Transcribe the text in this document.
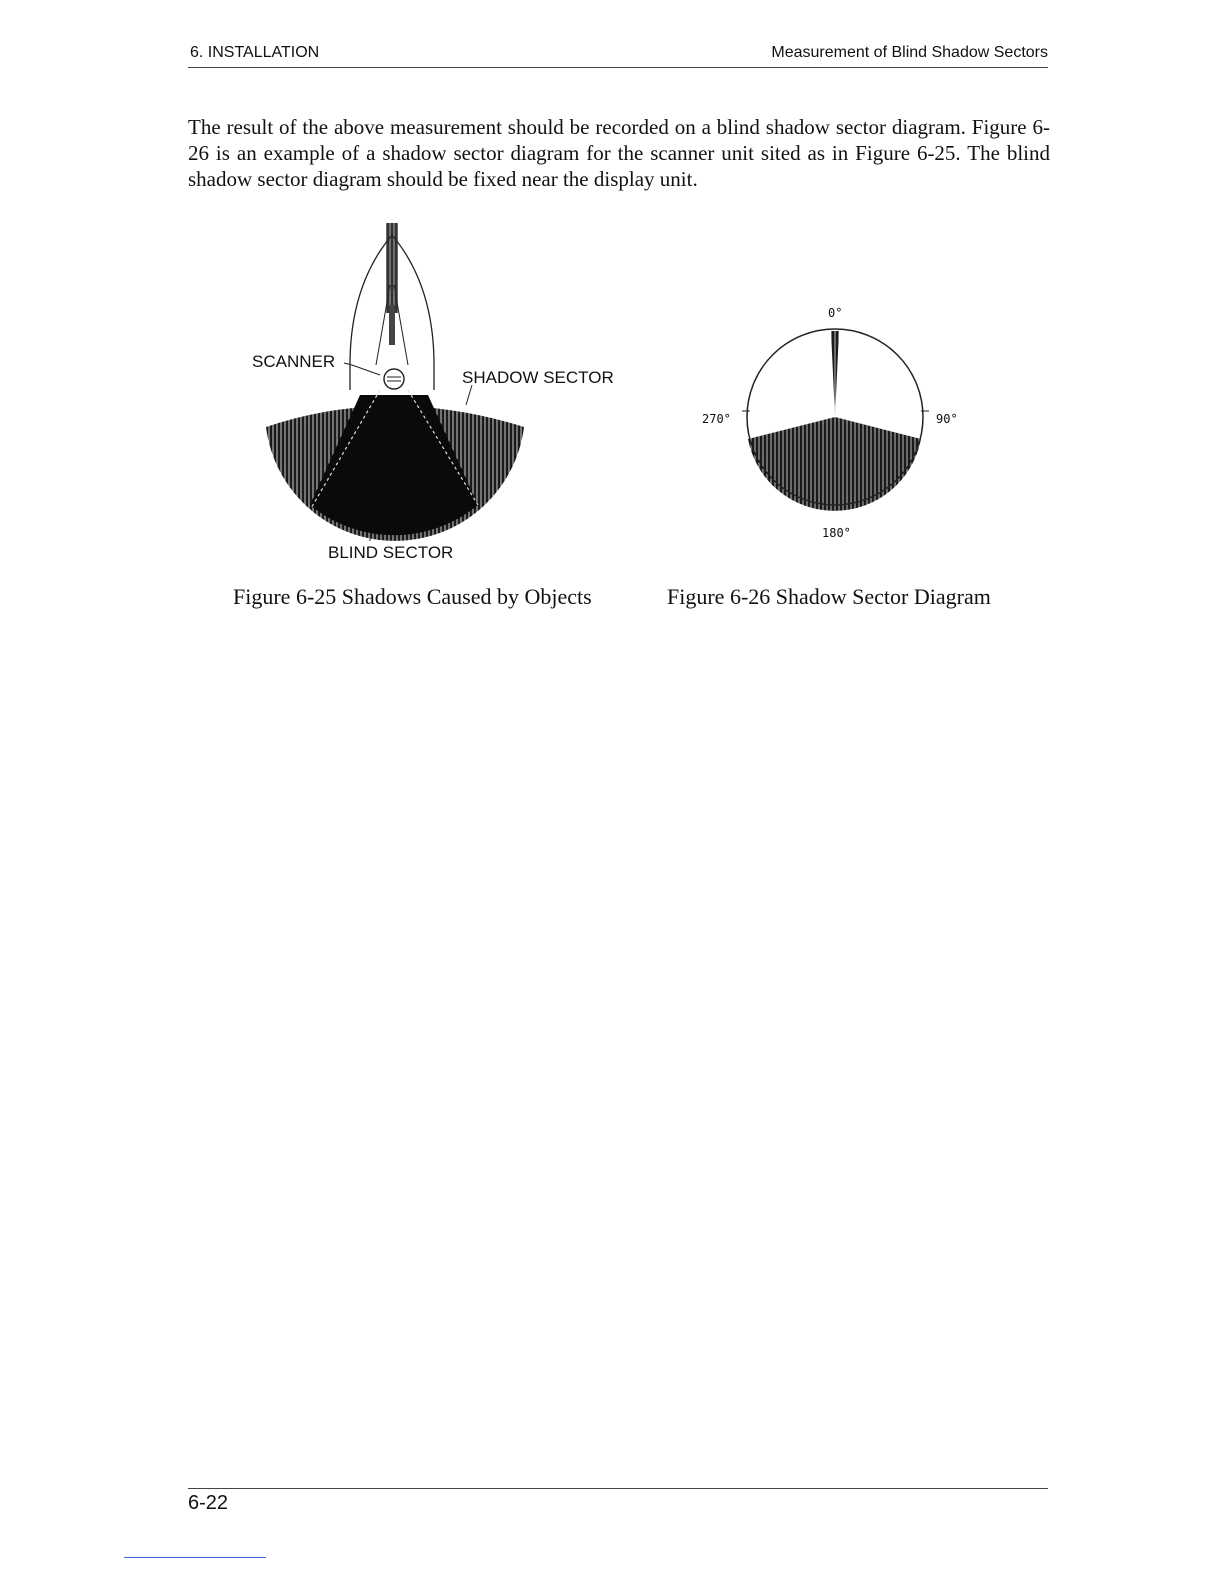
6. INSTALLATION	Measurement of Blind Shadow Sectors

The result of the above measurement should be recorded on a blind shadow sector diagram. Figure 6-26 is an example of a shadow sector diagram for the scanner unit sited as in Figure 6-25. The blind shadow sector diagram should be fixed near the display unit.

SCANNER
SHADOW SECTOR
BLIND SECTOR
0°
90°
180°
270°
Figure 6-25 Shadows Caused by Objects	Figure 6-26 Shadow Sector Diagram
6-22
